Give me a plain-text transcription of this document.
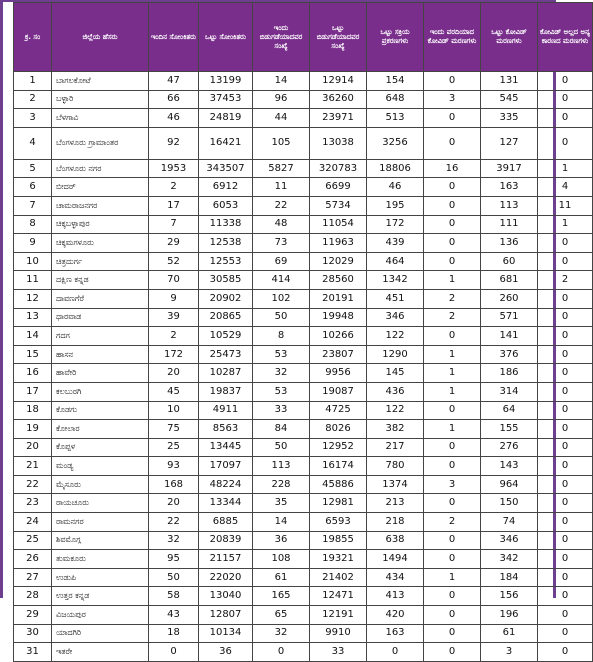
ಕ್ರ. ಸಂ	ಜಿಲ್ಲೆಯ ಹೆಸರು	ಇಂದಿನ ಸೋಂಕಿತರು	ಒಟ್ಟು ಸೋಂಕಿತರು	ಇಂದು ಬಿಡುಗಡೆಯಾದವರ ಸಂಖ್ಯೆ	ಒಟ್ಟು ಬಿಡುಗಡೆಯಾದವರ ಸಂಖ್ಯೆ	ಒಟ್ಟು ಸಕ್ರಿಯ ಪ್ರಕರಣಗಳು	ಇಂದು ವರದಿಯಾದ ಕೋವಿಡ್ ಮರಣಗಳು	ಒಟ್ಟು ಕೋವಿಡ್ ಮರಣಗಳು	ಕೋವಿಡ್ ಅಲ್ಲದ ಅನ್ಯ ಕಾರಣದ ಮರಣಗಳು
1	ಬಾಗಲಕೋಟೆ	47	13199	14	12914	154	0	131	0
2	ಬಳ್ಳಾರಿ	66	37453	96	36260	648	3	545	0
3	ಬೆಳಗಾವಿ	46	24819	44	23971	513	0	335	0
4	ಬೆಂಗಳೂರು ಗ್ರಾಮಾಂತರ	92	16421	105	13038	3256	0	127	0
5	ಬೆಂಗಳೂರು ನಗರ	1953	343507	5827	320783	18806	16	3917	1
6	ಬೀದರ್	2	6912	11	6699	46	0	163	4
7	ಚಾಮರಾಜನಗರ	17	6053	22	5734	195	0	113	11
8	ಚಿಕ್ಕಬಳ್ಳಾಪುರ	7	11338	48	11054	172	0	111	1
9	ಚಿಕ್ಕಮಗಳೂರು	29	12538	73	11963	439	0	136	0
10	ಚಿತ್ರದುರ್ಗ	52	12553	69	12029	464	0	60	0
11	ದಕ್ಷಿಣ ಕನ್ನಡ	70	30585	414	28560	1342	1	681	2
12	ದಾವಣಗೆರೆ	9	20902	102	20191	451	2	260	0
13	ಧಾರವಾಡ	39	20865	50	19948	346	2	571	0
14	ಗದಗ	2	10529	8	10266	122	0	141	0
15	ಹಾಸನ	172	25473	53	23807	1290	1	376	0
16	ಹಾವೇರಿ	20	10287	32	9956	145	1	186	0
17	ಕಲಬುರಗಿ	45	19837	53	19087	436	1	314	0
18	ಕೊಡಗು	10	4911	33	4725	122	0	64	0
19	ಕೋಲಾರ	75	8563	84	8026	382	1	155	0
20	ಕೊಪ್ಪಳ	25	13445	50	12952	217	0	276	0
21	ಮಂಡ್ಯ	93	17097	113	16174	780	0	143	0
22	ಮೈಸೂರು	168	48224	228	45886	1374	3	964	0
23	ರಾಯಚೂರು	20	13344	35	12981	213	0	150	0
24	ರಾಮನಗರ	22	6885	14	6593	218	2	74	0
25	ಶಿವಮೊಗ್ಗ	32	20839	36	19855	638	0	346	0
26	ತುಮಕೂರು	95	21157	108	19321	1494	0	342	0
27	ಉಡುಪಿ	50	22020	61	21402	434	1	184	0
28	ಉತ್ತರ ಕನ್ನಡ	58	13040	165	12471	413	0	156	0
29	ವಿಜಯಪುರ	43	12807	65	12191	420	0	196	0
30	ಯಾದಗಿರಿ	18	10134	32	9910	163	0	61	0
31	ಇತರೇ	0	36	0	33	0	0	3	0
